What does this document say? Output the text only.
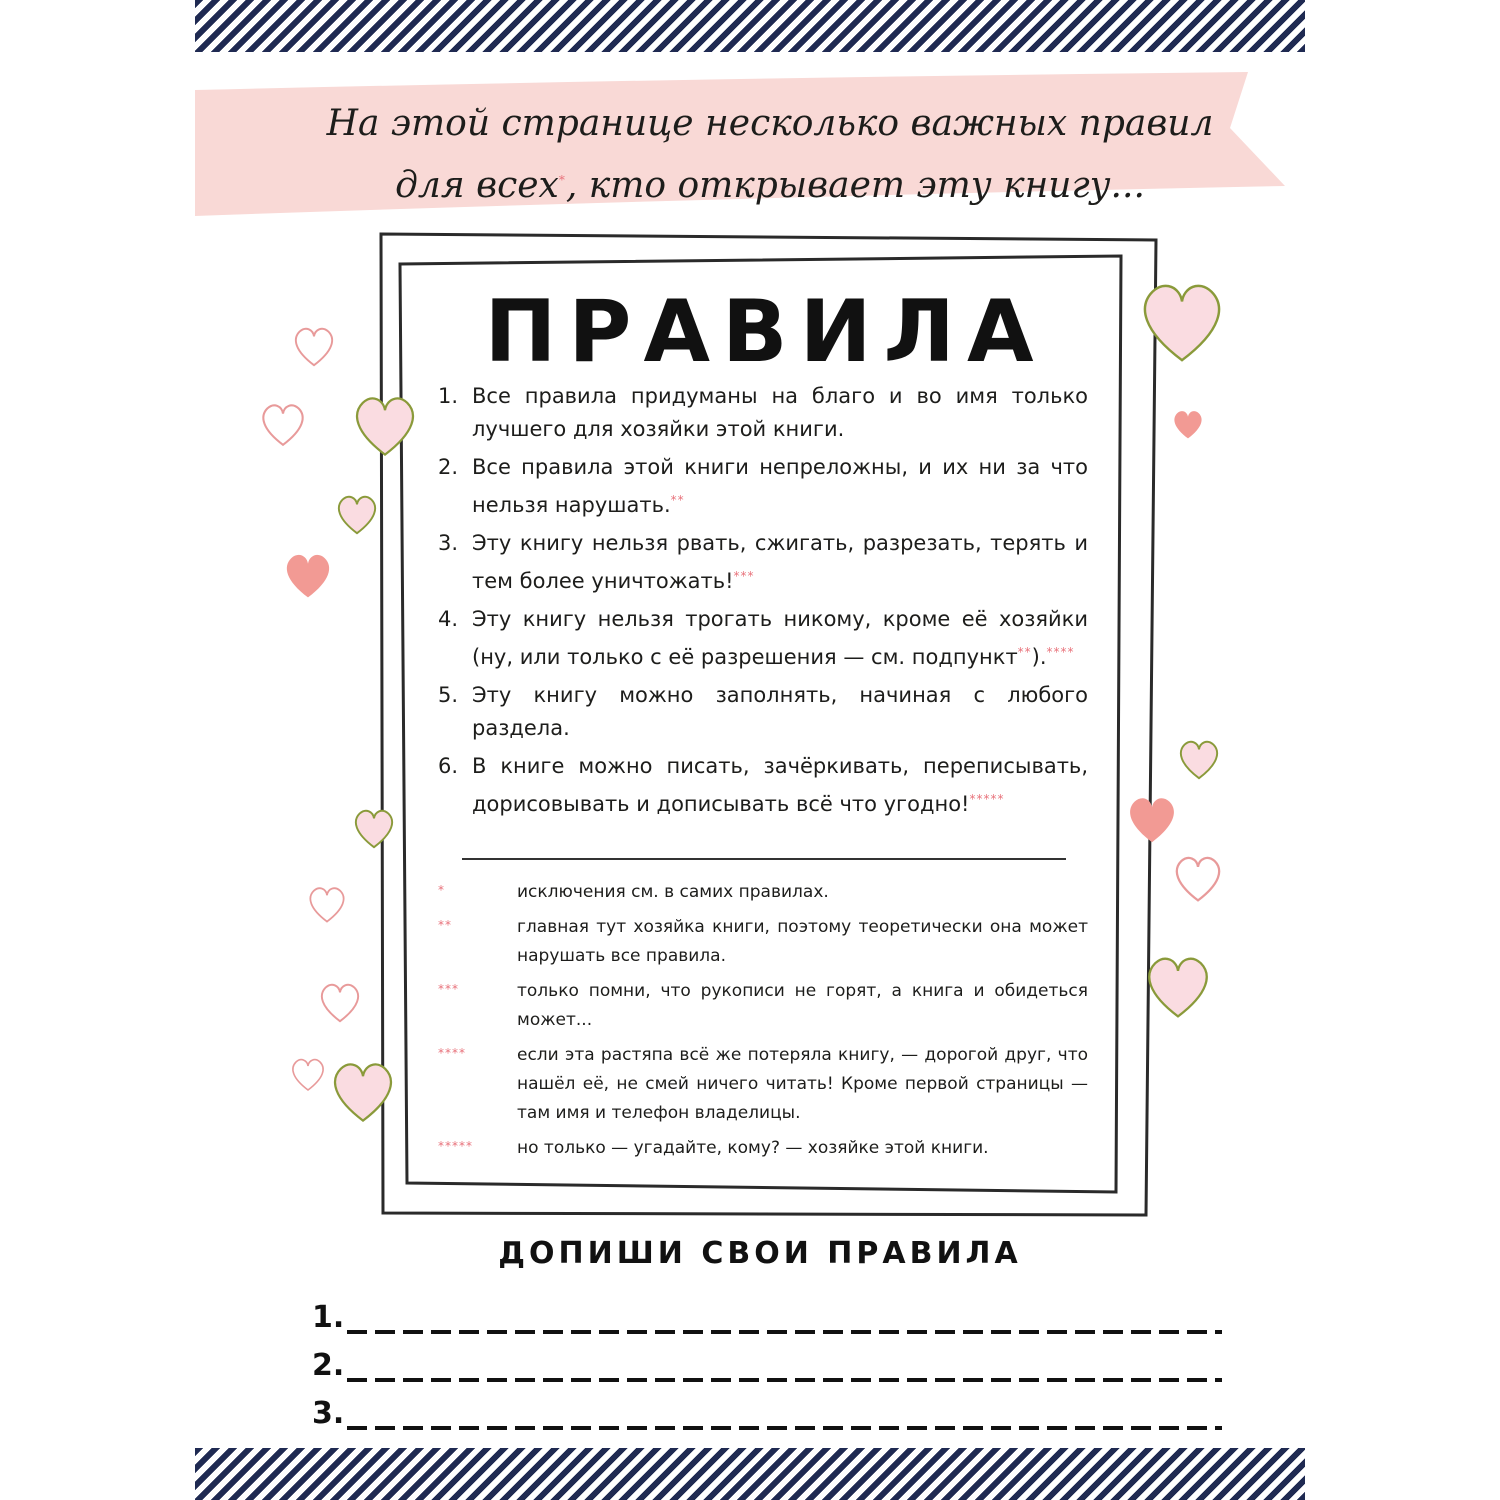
На этой странице несколько важных правил
для всех*, кто открывает эту книгу...
ПРАВИЛА
1. Все правила придуманы на благо и во имя только лучшего для хозяйки этой книги.
2. Все правила этой книги непреложны, и их ни за что нельзя нарушать.**
3. Эту книгу нельзя рвать, сжигать, разрезать, терять и тем более уничтожать!***
4. Эту книгу нельзя трогать никому, кроме её хозяйки (ну, или только с её разрешения — см. подпункт**).****
5. Эту книгу можно заполнять, начиная с любого раздела.
6. В книге можно писать, зачёркивать, переписывать, дорисовывать и дописывать всё что угодно!*****
*	исключения см. в самих правилах.
**	главная тут хозяйка книги, поэтому теоретически она может нарушать все правила.
***	только помни, что рукописи не горят, а книга и обидеться может...
****	если эта растяпа всё же потеряла книгу, — дорогой друг, что нашёл её, не смей ничего читать! Кроме первой страницы — там имя и телефон владелицы.
*****	но только — угадайте, кому? — хозяйке этой книги.
ДОПИШИ СВОИ ПРАВИЛА
1.
2.
3.
